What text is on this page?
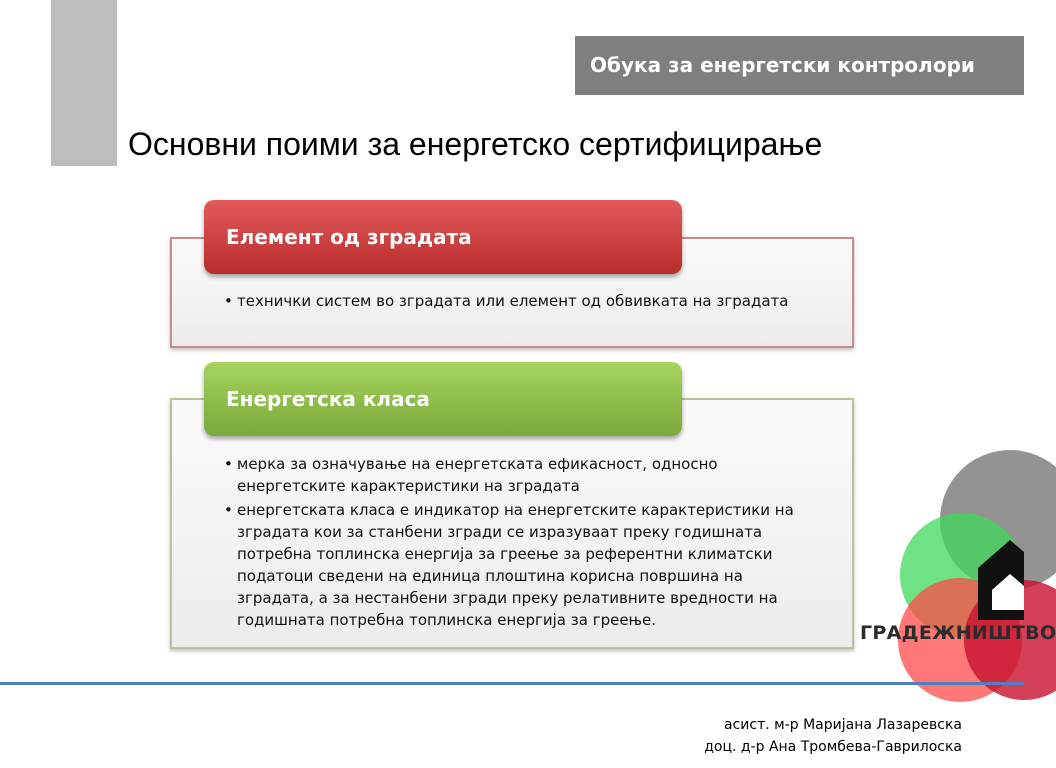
Обука за енергетски контролори
Основни поими за енергетско сертифицирање
Елемент од зградата
• технички систем во зградата или елемент од обвивката на зградата
Енергетска класа
• мерка за означување на енергетската ефикасност, односно енергетските карактеристики на зградата
• енергетската класа е индикатор на енергетските карактеристики на зградата кои за станбени згради се изразуваат преку годишната потребна топлинска енергија за греење за референтни климатски податоци сведени на единица плоштина корисна површина на зградата, а за нестанбени згради преку релативните вредности на годишната потребна топлинска енергија за греење.
ГРАДЕЖНИШТВО
асист. м-р Маријана Лазаревска
доц. д-р Ана Тромбева-Гаврилоска
